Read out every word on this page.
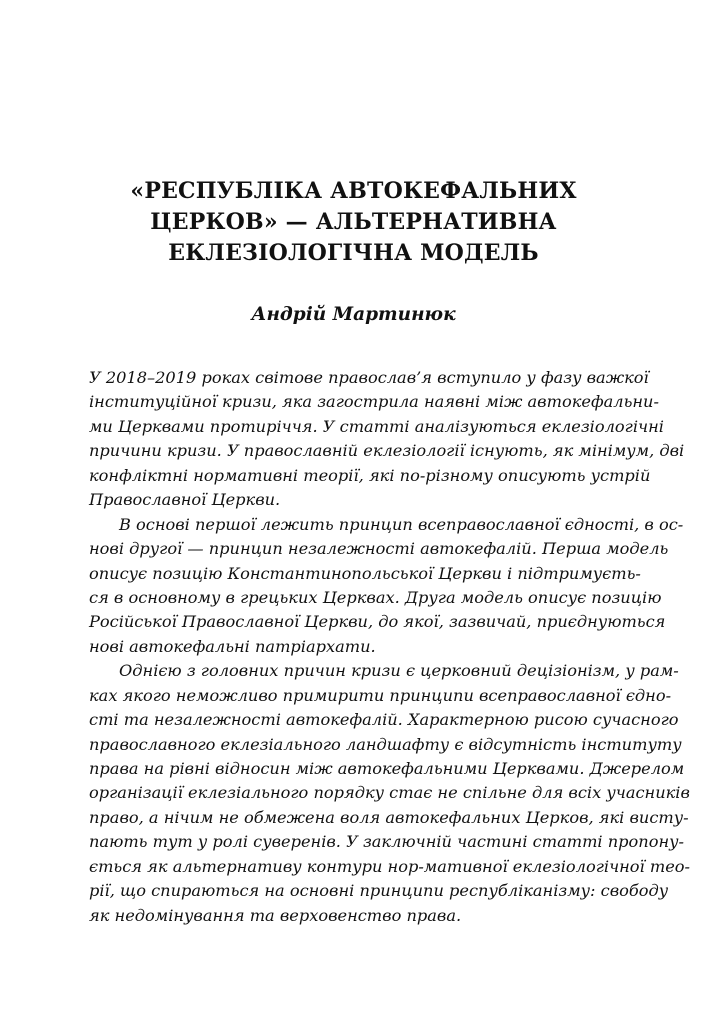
«РЕСПУБЛІКА АВТОКЕФАЛЬНИХ
ЦЕРКОВ» — АЛЬТЕРНАТИВНА
ЕКЛЕЗІОЛОГІЧНА МОДЕЛЬ
Андрій Мартинюк
У 2018–2019 роках світове православ’я вступило у фазу важкої
інституційної кризи, яка загострила наявні між автокефальни-
ми Церквами протиріччя. У статті аналізуються еклезіологічні
причини кризи. У православній еклезіології існують, як мінімум, дві
конфліктні нормативні теорії, які по-різному описують устрій
Православної Церкви.
В основі першої лежить принцип всеправославної єдності, в ос-
нові другої — принцип незалежності автокефалій. Перша модель
описує позицію Константинопольської Церкви і підтримуєть-
ся в основному в грецьких Церквах. Друга модель описує позицію
Російської Православної Церкви, до якої, зазвичай, приєднуються
нові автокефальні патріархати.
Однією з головних причин кризи є церковний децізіонізм, у рам-
ках якого неможливо примирити принципи всеправославної єдно-
сті та незалежності автокефалій. Характерною рисою сучасного
православного еклезіального ландшафту є відсутність інституту
права на рівні відносин між автокефальними Церквами. Джерелом
організації еклезіального порядку стає не спільне для всіх учасників
право, а нічим не обмежена воля автокефальних Церков, які висту-
пають тут у ролі суверенів. У заключній частині статті пропону-
ється як альтернативу контури нор-мативної еклезіологічної тео-
рії, що спираються на основні принципи республіканізму: свободу
як недомінування та верховенство права.
